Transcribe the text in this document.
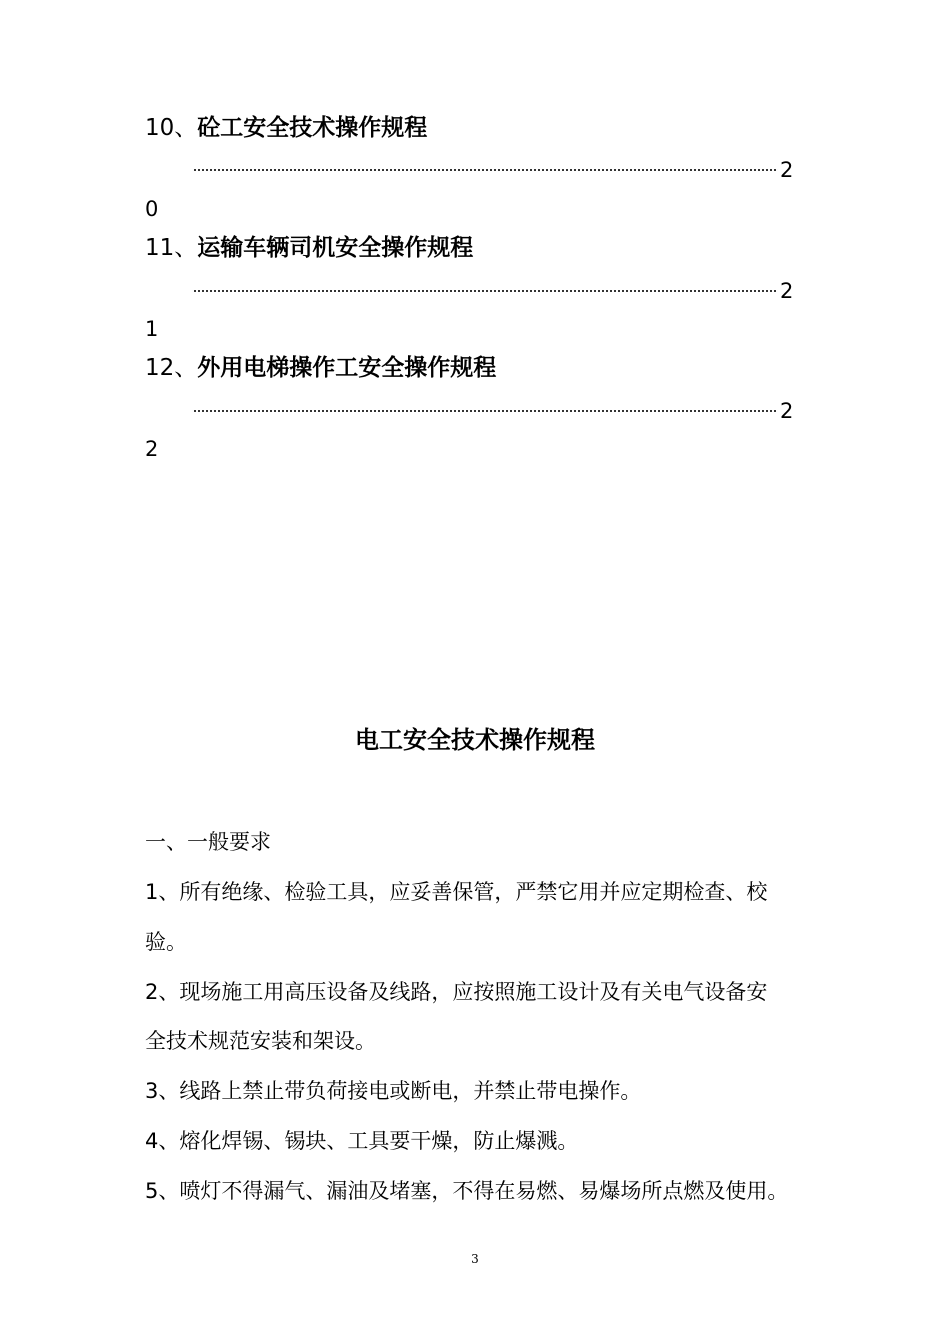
10、砼工安全技术操作规程
2
0
11、运输车辆司机安全操作规程
2
1
12、外用电梯操作工安全操作规程
2
2
电工安全技术操作规程
一、一般要求
1、所有绝缘、检验工具，应妥善保管，严禁它用并应定期检查、校
验。
2、现场施工用高压设备及线路，应按照施工设计及有关电气设备安
全技术规范安装和架设。
3、线路上禁止带负荷接电或断电，并禁止带电操作。
4、熔化焊锡、锡块、工具要干燥，防止爆溅。
5、喷灯不得漏气、漏油及堵塞，不得在易燃、易爆场所点燃及使用。
3
